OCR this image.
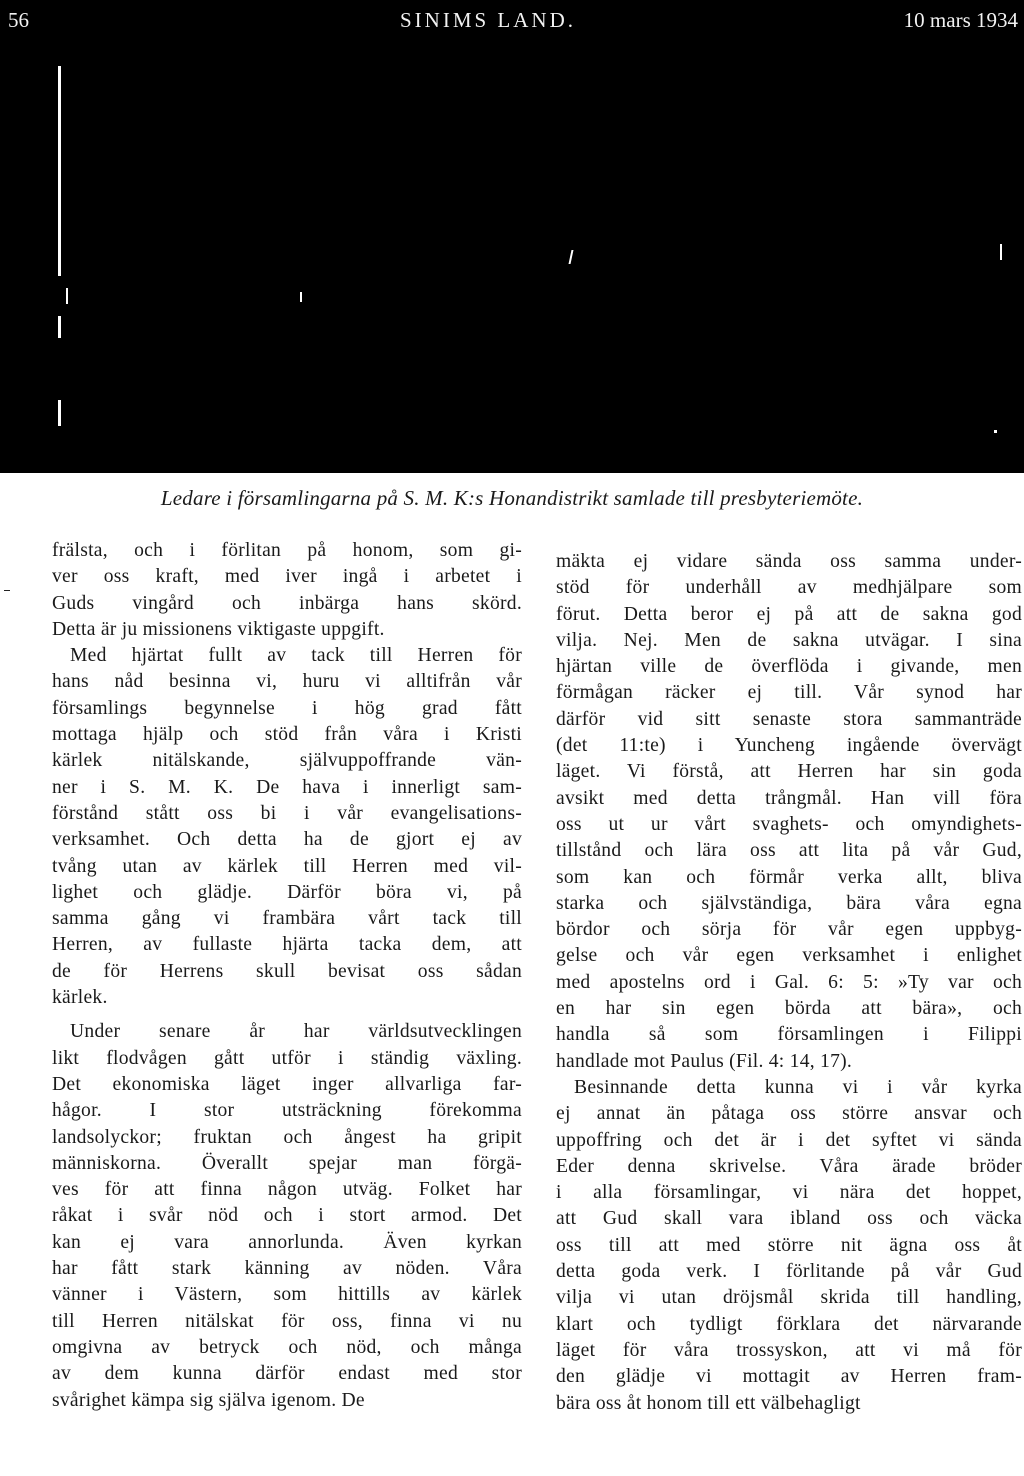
56	SINIMS LAND.	10 mars 1934
Ledare i församlingarna på S. M. K:s Honandistrikt samlade till presbyteriemöte.
frälsta, och i förlitan på honom, som gi-
ver oss kraft, med iver ingå i arbetet i
Guds vingård och inbärga hans skörd.
Detta är ju missionens viktigaste uppgift.
Med hjärtat fullt av tack till Herren för
hans nåd besinna vi, huru vi alltifrån vår
församlings begynnelse i hög grad fått
mottaga hjälp och stöd från våra i Kristi
kärlek nitälskande, självuppoffrande vän-
ner i S. M. K. De hava i innerligt sam-
förstånd stått oss bi i vår evangelisations-
verksamhet. Och detta ha de gjort ej av
tvång utan av kärlek till Herren med vil-
lighet och glädje. Därför böra vi, på
samma gång vi frambära vårt tack till
Herren, av fullaste hjärta tacka dem, att
de för Herrens skull bevisat oss sådan
kärlek.
Under senare år har världsutvecklingen
likt flodvågen gått utför i ständig växling.
Det ekonomiska läget inger allvarliga far-
hågor. I stor utsträckning förekomma
landsolyckor; fruktan och ångest ha gripit
människorna. Överallt spejar man förgä-
ves för att finna någon utväg. Folket har
råkat i svår nöd och i stort armod. Det
kan ej vara annorlunda. Även kyrkan
har fått stark känning av nöden. Våra
vänner i Västern, som hittills av kärlek
till Herren nitälskat för oss, finna vi nu
omgivna av betryck och nöd, och många
av dem kunna därför endast med stor
svårighet kämpa sig själva igenom. De
mäkta ej vidare sända oss samma under-
stöd för underhåll av medhjälpare som
förut. Detta beror ej på att de sakna god
vilja. Nej. Men de sakna utvägar. I sina
hjärtan ville de överflöda i givande, men
förmågan räcker ej till. Vår synod har
därför vid sitt senaste stora sammanträde
(det 11:te) i Yuncheng ingående övervägt
läget. Vi förstå, att Herren har sin goda
avsikt med detta trångmål. Han vill föra
oss ut ur vårt svaghets- och omyndighets-
tillstånd och lära oss att lita på vår Gud,
som kan och förmår verka allt, bliva
starka och självständiga, bära våra egna
bördor och sörja för vår egen uppbyg-
gelse och vår egen verksamhet i enlighet
med apostelns ord i Gal. 6: 5: »Ty var och
en har sin egen börda att bära», och
handla så som församlingen i Filippi
handlade mot Paulus (Fil. 4: 14, 17).
Besinnande detta kunna vi i vår kyrka
ej annat än påtaga oss större ansvar och
uppoffring och det är i det syftet vi sända
Eder denna skrivelse. Våra ärade bröder
i alla församlingar, vi nära det hoppet,
att Gud skall vara ibland oss och väcka
oss till att med större nit ägna oss åt
detta goda verk. I förlitande på vår Gud
vilja vi utan dröjsmål skrida till handling,
klart och tydligt förklara det närvarande
läget för våra trossyskon, att vi må för
den glädje vi mottagit av Herren fram-
bära oss åt honom till ett välbehagligt
